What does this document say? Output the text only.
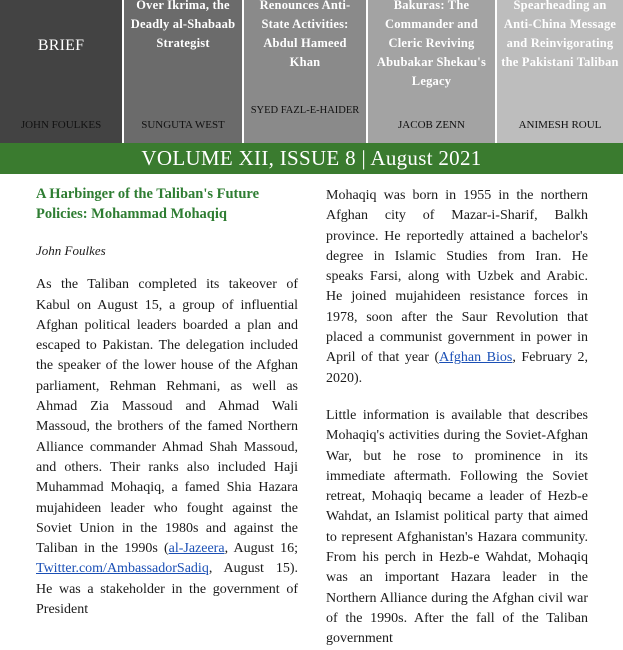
BRIEF
JOHN FOULKES
Over Ikrima, the Deadly al-Shabaab Strategist
SUNGUTA WEST
Renounces Anti-State Activities: Abdul Hameed Khan
SYED FAZL-E-HAIDER
Bakuras: The Commander and Cleric Reviving Abubakar Shekau's Legacy
JACOB ZENN
Spearheading an Anti-China Message and Reinvigorating the Pakistani Taliban
ANIMESH ROUL
VOLUME XII, ISSUE 8 | August 2021
A Harbinger of the Taliban's Future Policies: Mohammad Mohaqiq
John Foulkes

As the Taliban completed its takeover of Kabul on August 15, a group of influential Afghan political leaders boarded a plan and escaped to Pakistan. The delegation included the speaker of the lower house of the Afghan parliament, Rehman Rehmani, as well as Ahmad Zia Massoud and Ahmad Wali Massoud, the brothers of the famed Northern Alliance commander Ahmad Shah Massoud, and others. Their ranks also included Haji Muhammad Mohaqiq, a famed Shia Hazara mujahideen leader who fought against the Soviet Union in the 1980s and against the Taliban in the 1990s (al-Jazeera, August 16; Twitter.com/AmbassadorSadiq, August 15). He was a stakeholder in the government of President

Mohaqiq was born in 1955 in the northern Afghan city of Mazar-i-Sharif, Balkh province. He reportedly attained a bachelor's degree in Islamic Studies from Iran. He speaks Farsi, along with Uzbek and Arabic. He joined mujahideen resistance forces in 1978, soon after the Saur Revolution that placed a communist government in power in April of that year (Afghan Bios, February 2, 2020).

Little information is available that describes Mohaqiq's activities during the Soviet-Afghan War, but he rose to prominence in its immediate aftermath. Following the Soviet retreat, Mohaqiq became a leader of Hezb-e Wahdat, an Islamist political party that aimed to represent Afghanistan's Hazara community. From his perch in Hezb-e Wahdat, Mohaqiq was an important Hazara leader in the Northern Alliance during the Afghan civil war of the 1990s. After the fall of the Taliban government
